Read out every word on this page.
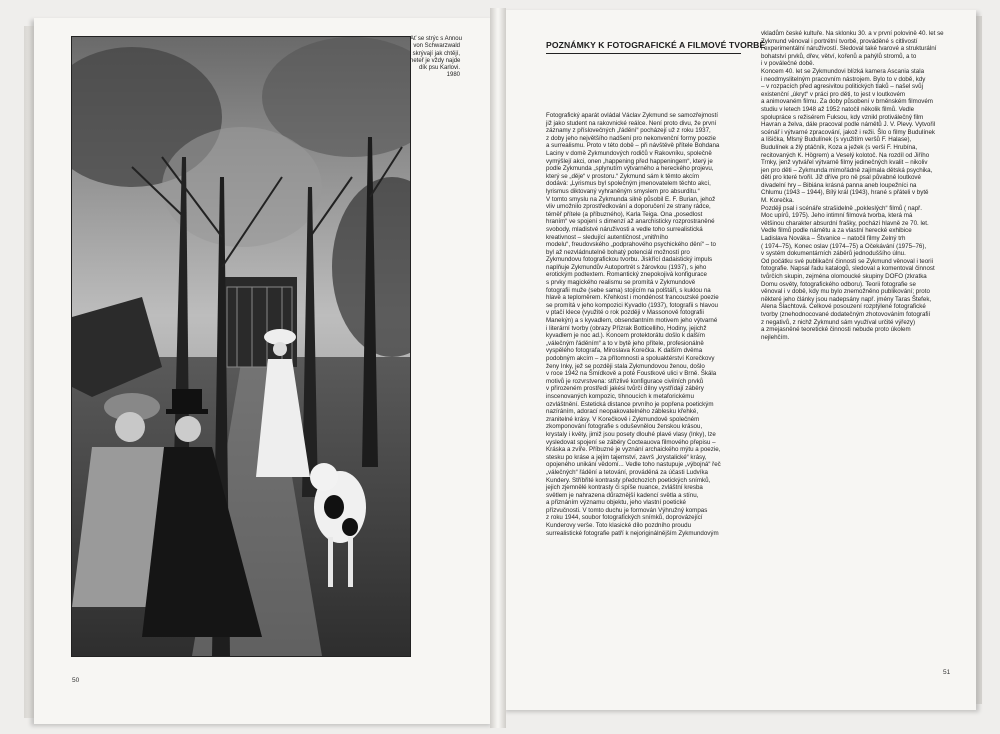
Ať se strýc s Annou
von Schwarzwald
skrývají jak chtějí,
neteř je vždy najde
dík psu Karlovi.
1980
50
51
POZNÁMKY K FOTOGRAFICKÉ A FILMOVÉ TVORBĚ
Fotografický aparát ovládal Václav Zykmund se samozřejmostí
již jako student na rakovnické reálce. Není proto divu, že první
záznamy z příslovečných „řádění“ pocházejí už z roku 1937,
z doby jeho největšího nadšení pro nekonvenční formy poezie
a surrealismu. Proto v této době – při návštěvě přítele Bohdana
Laciny v domě Zykmundových rodičů v Rakovníku, společně
vymýšlejí akci, onen „happening před happeningem“, který je
podle Zykmunda „splynutím výtvarného a hereckého projevu,
který se „děje“ v prostoru.“ Zykmund sám k těmto akcím
dodává: „Lyrismus byl společným jmenovatelem těchto akcí,
lyrismus diktovaný vyhraněným smyslem pro absurditu.“
V tomto smyslu na Zykmunda silně působil E. F. Burian, jehož
vliv umožnilo zprostředkování a doporučení ze strany rádce,
téměř přítele (a příbuzného), Karla Teiga. Ona „posedlost
hraním“ ve spojení s dimenzí až anarchisticky rozprostraněné
svobody, mladistvé náruživosti a vedle toho surrealistická
kreativnost – sledující autentičnost „vnitřního
modelu“, freudovského „podprahového psychického dění“ – to
byl až nezvládnutelně bohatý potenciál možností pro
Zykmundovu fotografickou tvorbu. Jiskřící dadaistický impuls
naplňuje Zykmundův Autoportrét s žárovkou (1937), s jeho
erotickým podtextem. Romantický znepokojivá konfigurace
s prvky magického realismu se promítá v Zykmundově
fotografii muže (sebe sama) stojícím na polštáři, s kuklou na
hlavě a teploměrem. Křehkost i mondénost francouzské poezie
se promítá v jeho kompozici Kyvadlo (1937), fotografii s hlavou
v ptačí klece (využité o rok později v Massonově fotografii
Manekýn) a s kyvadlem, obsendantním motivem jeho výtvarné
i literární tvorby (obrazy Přízrak Botticelliho, Hodiny, jejichž
kyvadlem je noc ad.). Koncem protektorátu došlo k dalším
„válečným řáděním“ a to v bytě jeho přítele, profesionálně
vyspělého fotografa, Miroslava Korečka. K dalším dvěma
podobným akcím – za přítomnosti a spoluaktérství Korečkovy
ženy Inky, jež se později stala Zykmundovou ženou, došlo
v roce 1942 na Šmídkově a poté Foustkové ulici v Brně. Škála
motivů je rozvrstvena: střízlivé konfigurace civilních prvků
v přirozeném prostředí jakési tvůrčí dílny vystřídají záběry
inscenovaných kompozic, tíhnoucích k metaforickému
ozvláštnění. Estetická distance prvního je popřena poetickým
nazíráním, adorací neopakovatelného záblesku křehké,
zranitelné krásy. V Korečkově i Zykmundově společném
zkomponování fotografie s oduševnělou ženskou krásou,
krystaly i květy, jimiž jsou posety dlouhé plavé vlasy (Inky), lze
vysledovat spojení se záběry Cocteauova filmového přepisu –
Kráska a zvíře. Příbuzné je vyznání archaického mýtu a poezie,
stesku po kráse a jejím tajemství, završ „krystalické“ krásy,
opojeného unikání vědomí... Vedle toho nastupuje „výbojná“ řeč
„válečných“ řádění a tetování, prováděná za účasti Ludvíka
Kundery. Stříbřité kontrasty předchozích poetických snímků,
jejich zjemnělé kontrasty či spíše nuance, zvláštní kresba
světlem je nahrazena důraznější kadencí světla a stínu,
a přiznáním významu objektu, jeho vlastní poetické
přízvučnosti. V tomto duchu je formován Výhružný kompas
z roku 1944, soubor fotografických snímků, doprovázející
Kunderovy verše. Toto klasické dílo pozdního proudu
surrealistické fotografie patří k nejoriginálnějším Zykmundovým
vkladům české kultuře. Na sklonku 30. a v první polovině 40. let se
Zykmund věnoval i portrétní tvorbě, prováděné s citlivostí
i experimentální náruživostí. Sledoval také tvarové a strukturální
bohatství prvků, dřev, větví, kořenů a pahýlů stromů, a to
i v poválečné době.
Koncem 40. let se Zykmundovi blízká kamera Ascania stala
i neodmyslitelným pracovním nástrojem. Bylo to v době, kdy
– v rozpacích před agresivitou politických tlaků – našel svůj
existenční „úkryt“ v práci pro děti, to jest v loutkovém
a animovaném filmu. Za doby působení v brněnském filmovém
studiu v letech 1948 až 1952 natočil několik filmů. Vedle
spolupráce s režisérem Fuksou, kdy vznikl protiválečný film
Havran a želva, dále pracoval podle námětů J. V. Plevy. Vytvořil
scénář i výtvarné zpracování, jakož i režii. Šlo o filmy Budulínek
a lišička, Mlsný Budulínek (s využitím veršů F. Halase),
Budulínek a žlý ptáčník, Koza a ježek (s verši F. Hrubína,
recitovaných K. Högrem) a Veselý kolotoč. Na rozdíl od Jiřího
Trnky, jenž vytvářel výtvarně filmy jedinečných kvalit – nikoliv
jen pro děti – Zykmunda mimořádně zajímala dětská psychika,
děti pro které tvořil. Již dříve pro ně psal půvabné loutkové
divadelní hry – Bibiána krásná panna aneb loupežníci na
Chlumu (1943 – 1944), Bílý král (1943), hrané s přáteli v bytě
M. Korečka.
Později psal i scénáře strašidelně „pokleslých“ filmů ( např.
Moc upírů, 1975). Jeho intimní filmová tvorba, která má
většinou charakter absurdní frašky, pochází hlavně ze 70. let.
Vedle filmů podle námětu a za vlastní herecké exhibice
Ladislava Nováka – Štvanice – natočil filmy Zelný trh
( 1974–75), Konec oslav (1974–75) a Očekávání (1975–76),
v systém dokumentárních záběrů jednoduššího úlnu.
Od počátku své publikační činnosti se Zykmund věnoval i teorii
fotografie. Napsal řadu katalogů, sledoval a komentoval činnost
tvůrčích skupin, zejména olomoucké skupiny DOFO (zkratka
Domu osvěty, fotografického odboru). Teorii fotografie se
věnoval i v době, kdy mu bylo znemožněno publikování; proto
některé jeho články jsou nadepsány např. jmény Taras Štefek,
Alena Šlachtová. Celkové posouzení rozptýlené fotografické
tvorby (znehodnocované dodatečným zhotovováním fotografií
z negativů, z nichž Zykmund sám využíval určité výřezy)
a zmejasněné teoretické činnosti nebude proto úkolem
nejlehčím.
